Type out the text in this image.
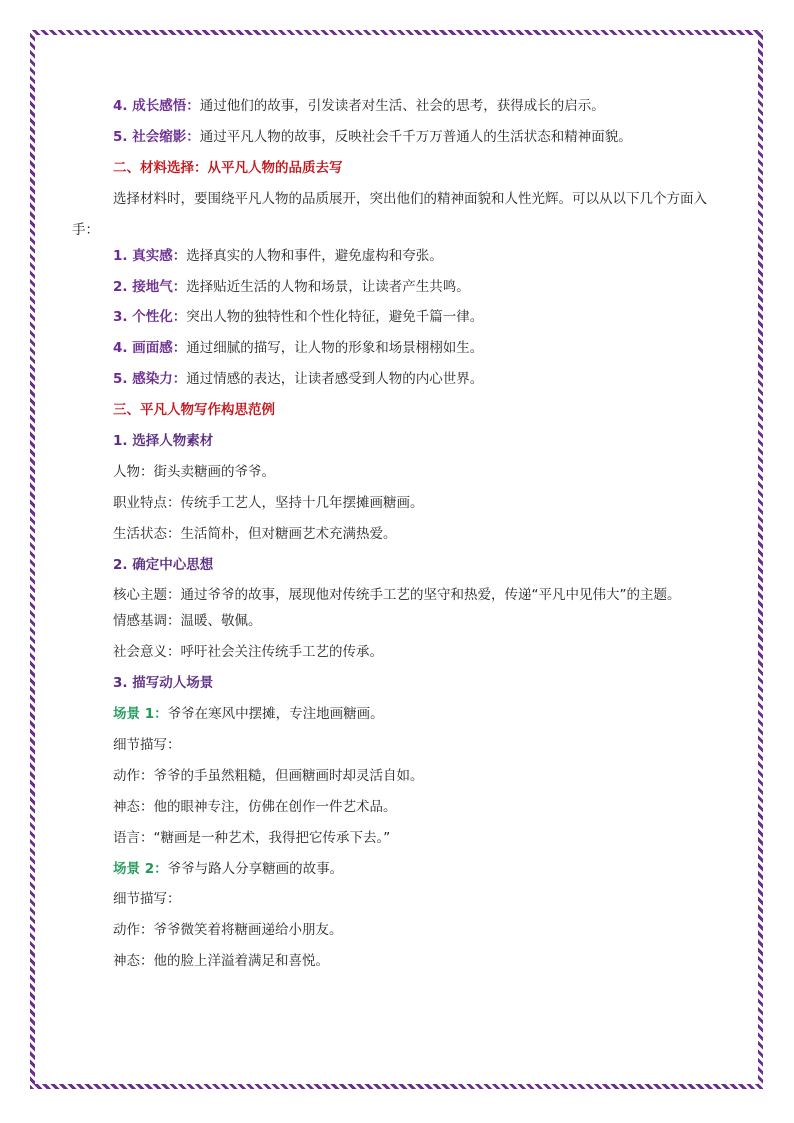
4. 成长感悟：通过他们的故事，引发读者对生活、社会的思考，获得成长的启示。
5. 社会缩影：通过平凡人物的故事，反映社会千千万万普通人的生活状态和精神面貌。
二、材料选择：从平凡人物的品质去写

选择材料时，要围绕平凡人物的品质展开，突出他们的精神面貌和人性光辉。可以从以下几个方面入手：

1. 真实感：选择真实的人物和事件，避免虚构和夸张。
2. 接地气：选择贴近生活的人物和场景，让读者产生共鸣。
3. 个性化：突出人物的独特性和个性化特征，避免千篇一律。
4. 画面感：通过细腻的描写，让人物的形象和场景栩栩如生。
5. 感染力：通过情感的表达，让读者感受到人物的内心世界。
三、平凡人物写作构思范例
1. 选择人物素材
人物：街头卖糖画的爷爷。
职业特点：传统手工艺人，坚持十几年摆摊画糖画。
生活状态：生活简朴，但对糖画艺术充满热爱。
2. 确定中心思想

核心主题：通过爷爷的故事，展现他对传统手工艺的坚守和热爱，传递“平凡中见伟大”的主题。

情感基调：温暖、敬佩。
社会意义：呼吁社会关注传统手工艺的传承。
3. 描写动人场景
场景 1：爷爷在寒风中摆摊，专注地画糖画。
细节描写：
动作：爷爷的手虽然粗糙，但画糖画时却灵活自如。
神态：他的眼神专注，仿佛在创作一件艺术品。
语言：“糖画是一种艺术，我得把它传承下去。”
场景 2：爷爷与路人分享糖画的故事。
细节描写：
动作：爷爷微笑着将糖画递给小朋友。
神态：他的脸上洋溢着满足和喜悦。
